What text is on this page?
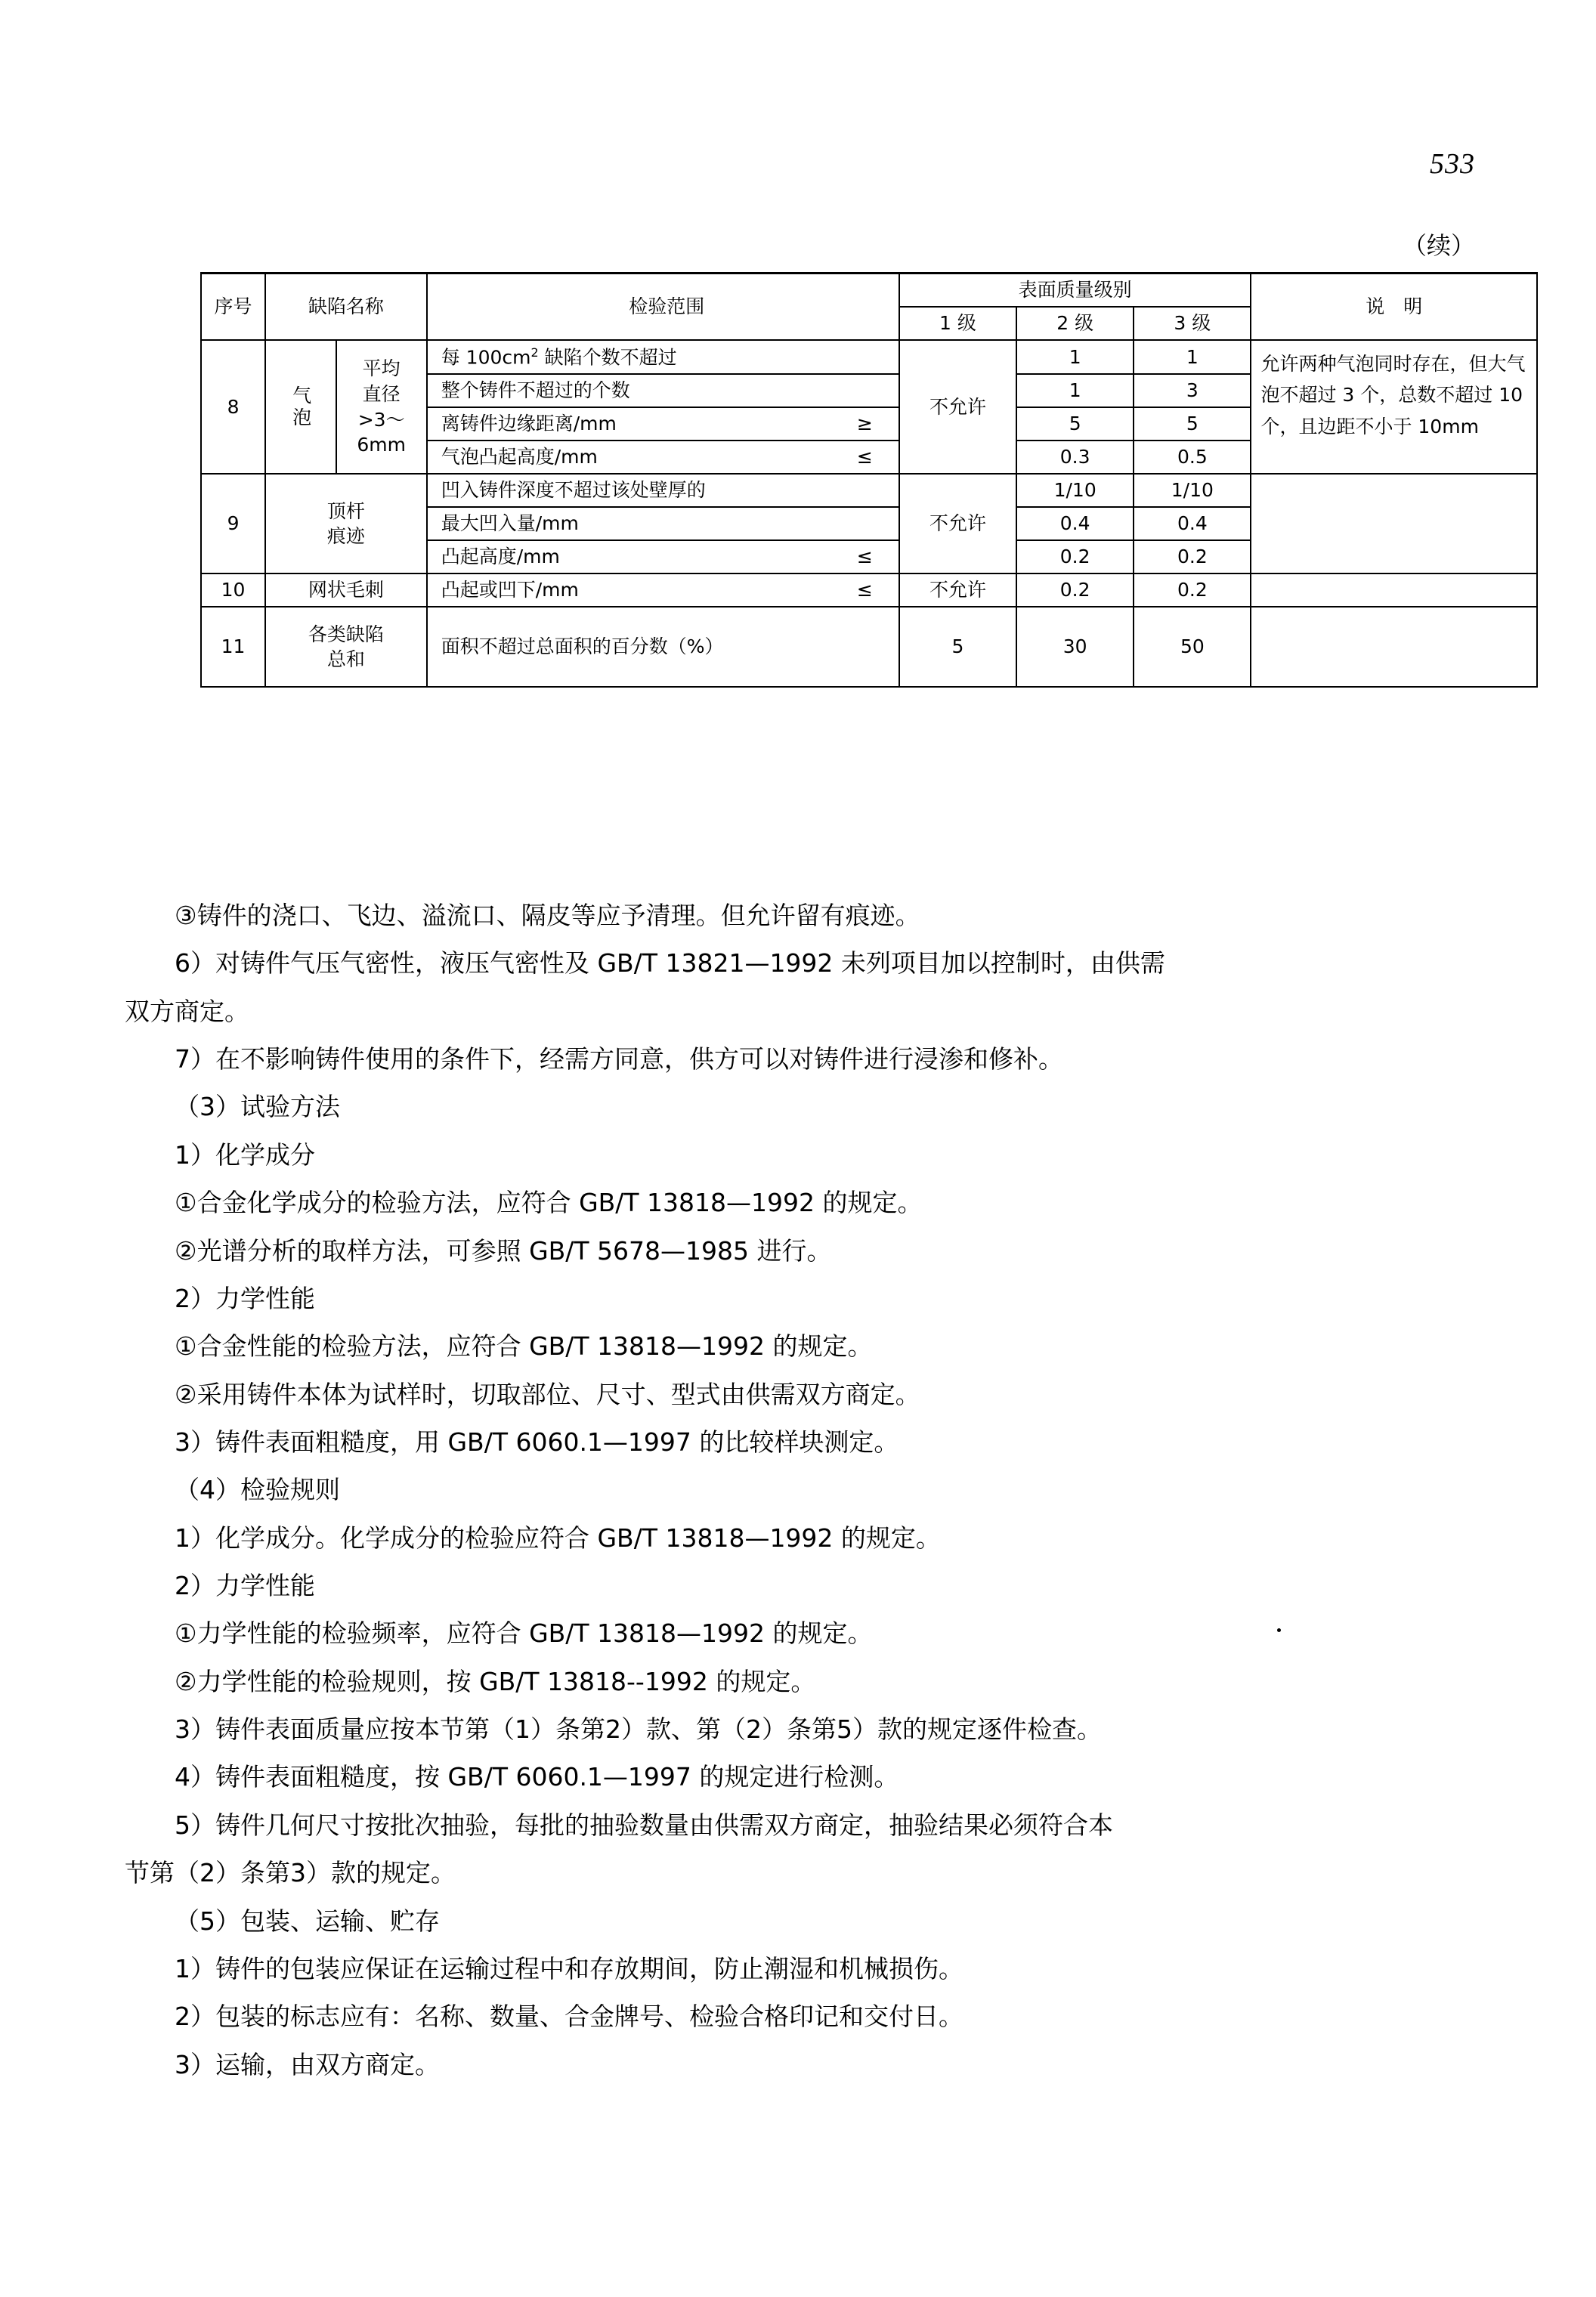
533
（续）
序号	缺陷名称		检验范围	表面质量级别			说　明
				1 级	2 级	3 级	
8	气泡	平均
直径
>3～
6mm	每 $100cm^2$ 缺陷个数不超过	不允许	1	1	允许两种气泡同时存在，但大气泡不超过 3 个，总数不超过 10 个，且边距不小于 10mm

			整个铸件不超过的个数		1	3	

			离铸件边缘距离/mm ≥		5	5	

			气泡凸起高度/mm ≤		0.3	0.5	
9	顶杆
痕迹		凹入铸件深度不超过该处壁厚的	不允许	1/10	1/10	

			最大凹入量/mm		0.4	0.4	

			凸起高度/mm ≤		0.2	0.2	
10	网状毛刺		凸起或凹下/mm ≤	不允许	0.2	0.2	
11	各类缺陷
总和		面积不超过总面积的百分数（%）	5	30	50	

③铸件的浇口、飞边、溢流口、隔皮等应予清理。但允许留有痕迹。

6）对铸件气压气密性，液压气密性及 GB/T 13821—1992 未列项目加以控制时，由供需

双方商定。

7）在不影响铸件使用的条件下，经需方同意，供方可以对铸件进行浸渗和修补。

（3）试验方法

1）化学成分

①合金化学成分的检验方法，应符合 GB/T 13818—1992 的规定。

②光谱分析的取样方法，可参照 GB/T 5678—1985 进行。

2）力学性能

①合金性能的检验方法，应符合 GB/T 13818—1992 的规定。

②采用铸件本体为试样时，切取部位、尺寸、型式由供需双方商定。

3）铸件表面粗糙度，用 GB/T 6060.1—1997 的比较样块测定。

（4）检验规则

1）化学成分。化学成分的检验应符合 GB/T 13818—1992 的规定。

2）力学性能

①力学性能的检验频率，应符合 GB/T 13818—1992 的规定。

②力学性能的检验规则，按 GB/T 13818--1992 的规定。

3）铸件表面质量应按本节第（1）条第2）款、第（2）条第5）款的规定逐件检查。

4）铸件表面粗糙度，按 GB/T 6060.1—1997 的规定进行检测。

5）铸件几何尺寸按批次抽验，每批的抽验数量由供需双方商定，抽验结果必须符合本

节第（2）条第3）款的规定。

（5）包装、运输、贮存

1）铸件的包装应保证在运输过程中和存放期间，防止潮湿和机械损伤。

2）包装的标志应有：名称、数量、合金牌号、检验合格印记和交付日。

3）运输，由双方商定。
